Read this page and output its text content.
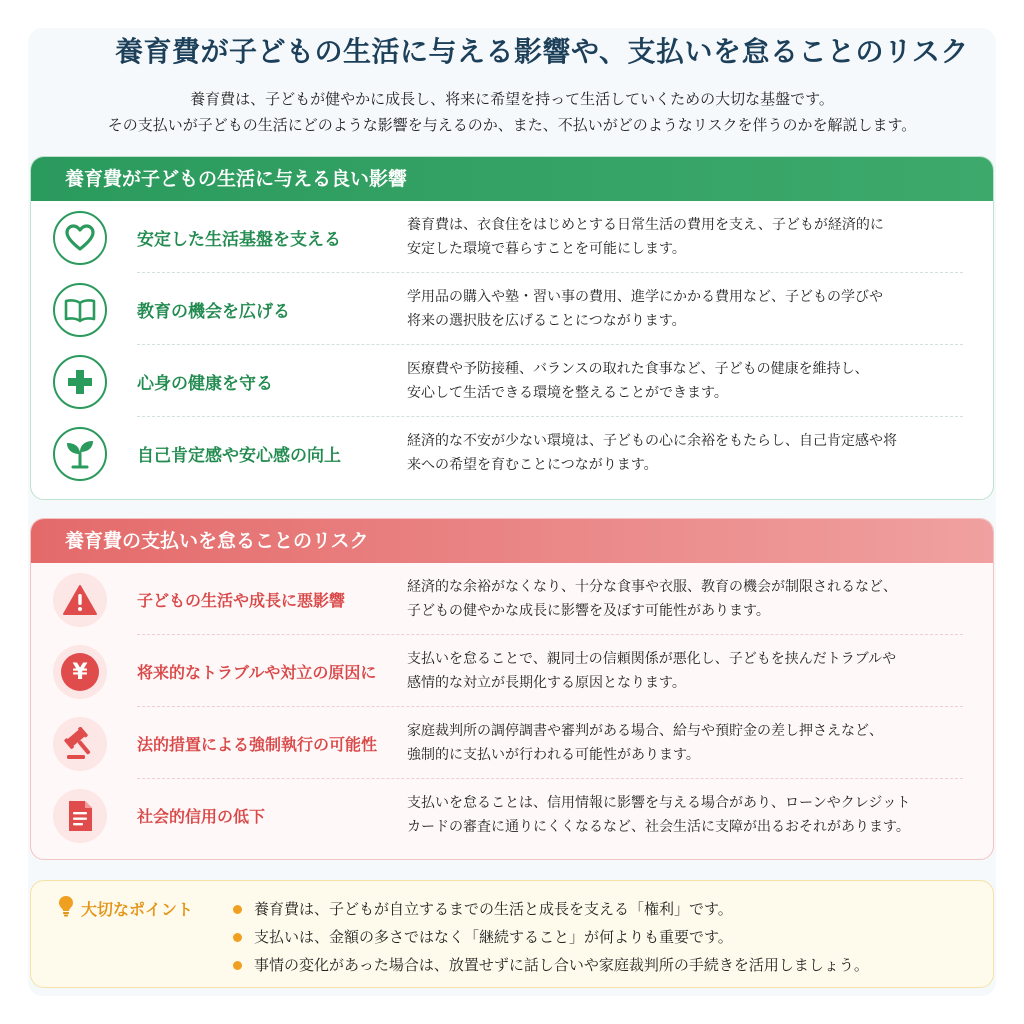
養育費が子どもの生活に与える影響や、支払いを怠ることのリスク
養育費は、子どもが健やかに成長し、将来に希望を持って生活していくための大切な基盤です。
その支払いが子どもの生活にどのような影響を与えるのか、また、不払いがどのようなリスクを伴うのかを解説します。
養育費が子どもの生活に与える良い影響
安定した生活基盤を支える
養育費は、衣食住をはじめとする日常生活の費用を支え、子どもが経済的に
安定した環境で暮らすことを可能にします。
教育の機会を広げる
学用品の購入や塾・習い事の費用、進学にかかる費用など、子どもの学びや
将来の選択肢を広げることにつながります。
心身の健康を守る
医療費や予防接種、バランスの取れた食事など、子どもの健康を維持し、
安心して生活できる環境を整えることができます。
自己肯定感や安心感の向上
経済的な不安が少ない環境は、子どもの心に余裕をもたらし、自己肯定感や将
来への希望を育むことにつながります。
養育費の支払いを怠ることのリスク
子どもの生活や成長に悪影響
経済的な余裕がなくなり、十分な食事や衣服、教育の機会が制限されるなど、
子どもの健やかな成長に影響を及ぼす可能性があります。
¥	将来的なトラブルや対立の原因に
支払いを怠ることで、親同士の信頼関係が悪化し、子どもを挟んだトラブルや
感情的な対立が長期化する原因となります。
法的措置による強制執行の可能性
家庭裁判所の調停調書や審判がある場合、給与や預貯金の差し押さえなど、
強制的に支払いが行われる可能性があります。
社会的信用の低下
支払いを怠ることは、信用情報に影響を与える場合があり、ローンやクレジット
カードの審査に通りにくくなるなど、社会生活に支障が出るおそれがあります。
大切なポイント	養育費は、子どもが自立するまでの生活と成長を支える「権利」です。
支払いは、金額の多さではなく「継続すること」が何よりも重要です。
事情の変化があった場合は、放置せずに話し合いや家庭裁判所の手続きを活用しましょう。
